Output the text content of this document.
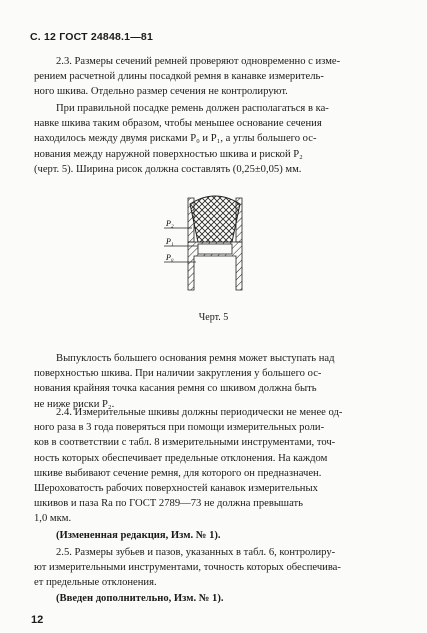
С. 12 ГОСТ 24848.1—81
2.3. Размеры сечений ремней проверяют одновременно с изме-
рением расчетной длины посадкой ремня в канавке измеритель-
ного шкива. Отдельно размер сечения не контролируют.
При правильной посадке ремень должен располагаться в ка-
навке шкива таким образом, чтобы меньшее основание сечения
находилось между двумя рисками P₀ и P₁, а углы большего ос-
нования между наружной поверхностью шкива и риской P₂
(черт. 5). Ширина рисок должна составлять (0,25±0,05) мм.
P₂
P₁
P₀
Черт. 5
Выпуклость большего основания ремня может выступать над
поверхностью шкива. При наличии закругления у большего ос-
нования крайняя точка касания ремня со шкивом должна быть
не ниже риски P₂.
2.4. Измерительные шкивы должны периодически не менее од-
ного раза в 3 года поверяться при помощи измерительных роли-
ков в соответствии с табл. 8 измерительными инструментами, точ-
ность которых обеспечивает предельные отклонения. На каждом
шкиве выбивают сечение ремня, для которого он предназначен.
Шероховатость рабочих поверхностей канавок измерительных
шкивов и паза Ra по ГОСТ 2789—73 не должна превышать
1,0 мкм.
(Измененная редакция, Изм. № 1).
2.5. Размеры зубьев и пазов, указанных в табл. 6, контролиру-
ют измерительными инструментами, точность которых обеспечива-
ет предельные отклонения.
(Введен дополнительно, Изм. № 1).
12
